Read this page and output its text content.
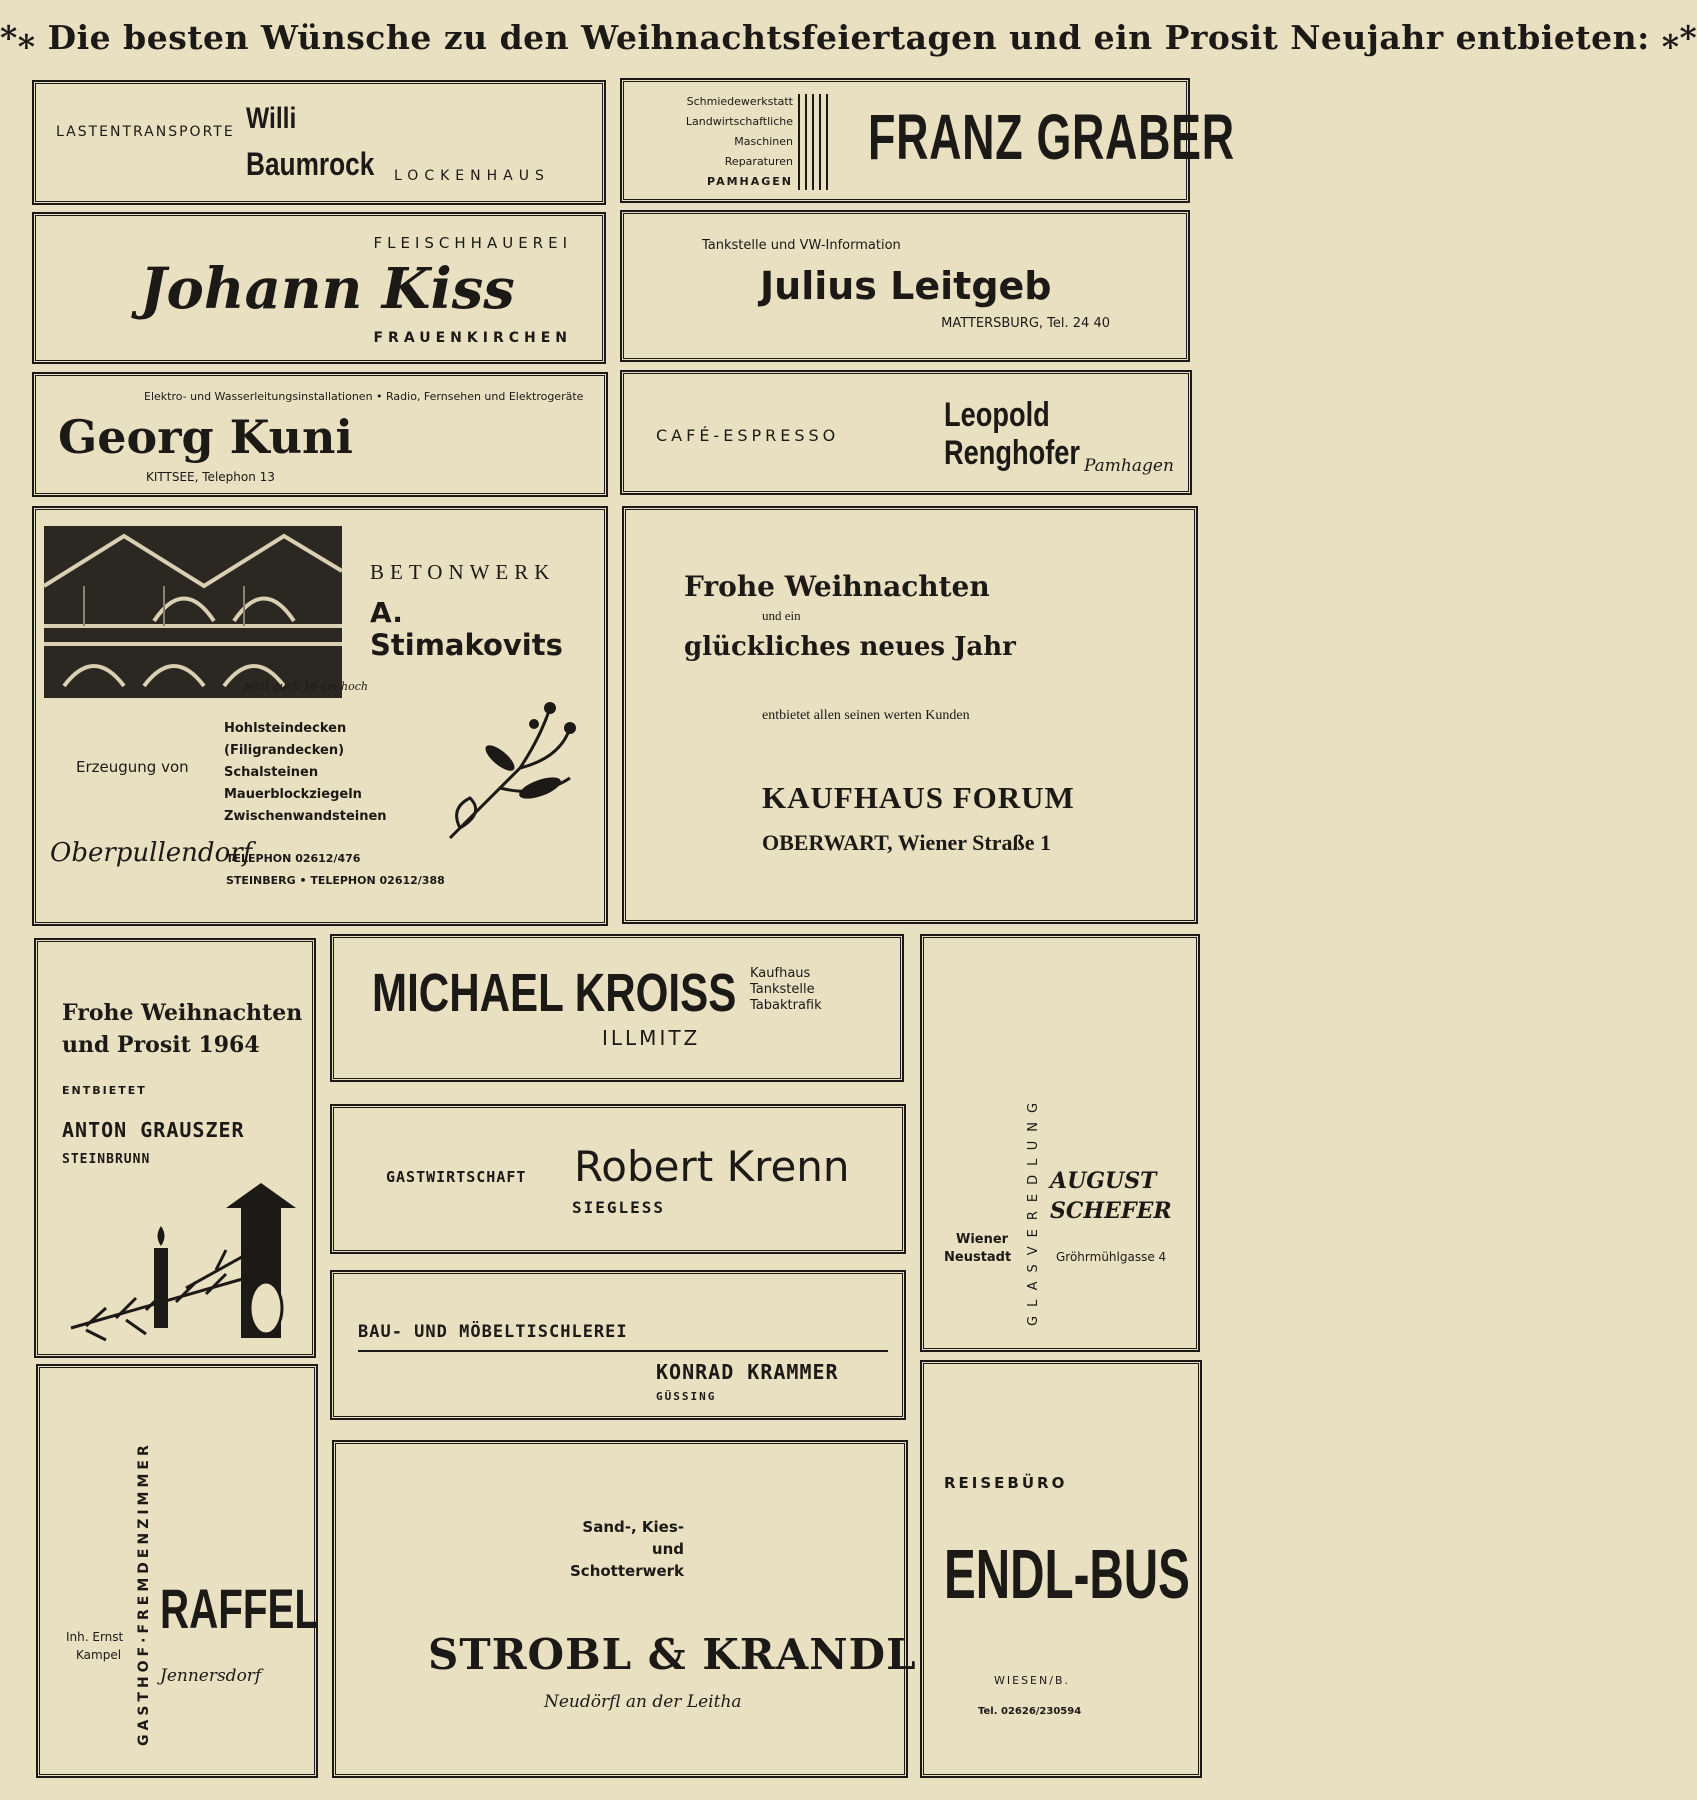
*⁎ Die besten Wünsche zu den Weihnachtsfeiertagen und ein Prosit Neujahr entbieten: ⁎*
LASTENTRANSPORTE Willi
Baumrock LOCKENHAUS
Schmiedewerkstatt
Landwirtschaftliche
Maschinen
Reparaturen
PAMHAGEN
FRANZ GRABER
FLEISCHHAUEREI
Johann Kiss
FRAUENKIRCHEN
Tankstelle und VW-Information
Julius Leitgeb
MATTERSBURG, Tel. 24 40
Elektro- und Wasserleitungsinstallationen • Radio, Fernsehen und Elektrogeräte
Georg Kuni
KITTSEE, Telephon 13
CAFÉ-ESPRESSO
Leopold
Renghofer Pamhagen
Jetzt auch 16 cm hoch
BETONWERK
A.
Stimakovits
Erzeugung von
Hohlsteindecken
(Filigrandecken)
Schalsteinen
Mauerblockziegeln
Zwischenwandsteinen
Oberpullendorf
TELEPHON 02612/476
STEINBERG • TELEPHON 02612/388
Frohe Weihnachten
und ein
glückliches neues Jahr
entbietet allen seinen werten Kunden
KAUFHAUS FORUM
OBERWART, Wiener Straße 1
Frohe Weihnachten
und Prosit 1964
ENTBIETET
ANTON GRAUSZER
STEINBRUNN
GASTHOF·FREMDENZIMMER
Inh. Ernst
Kampel
RAFFEL
Jennersdorf
MICHAEL KROISS
ILLMITZ
Kaufhaus
Tankstelle
Tabaktrafik
GASTWIRTSCHAFT Robert Krenn
SIEGLESS
BAU- UND MÖBELTISCHLEREI
KONRAD KRAMMER
GÜSSING
Sand-, Kies-
und
Schotterwerk
STROBL & KRANDL
Neudörfl an der Leitha
GLASVEREDLUNG
Wiener
Neustadt
AUGUST
SCHEFER
Gröhrmühlgasse 4
REISEBÜRO
ENDL-BUS
WIESEN/B.
Tel. 02626/230594
